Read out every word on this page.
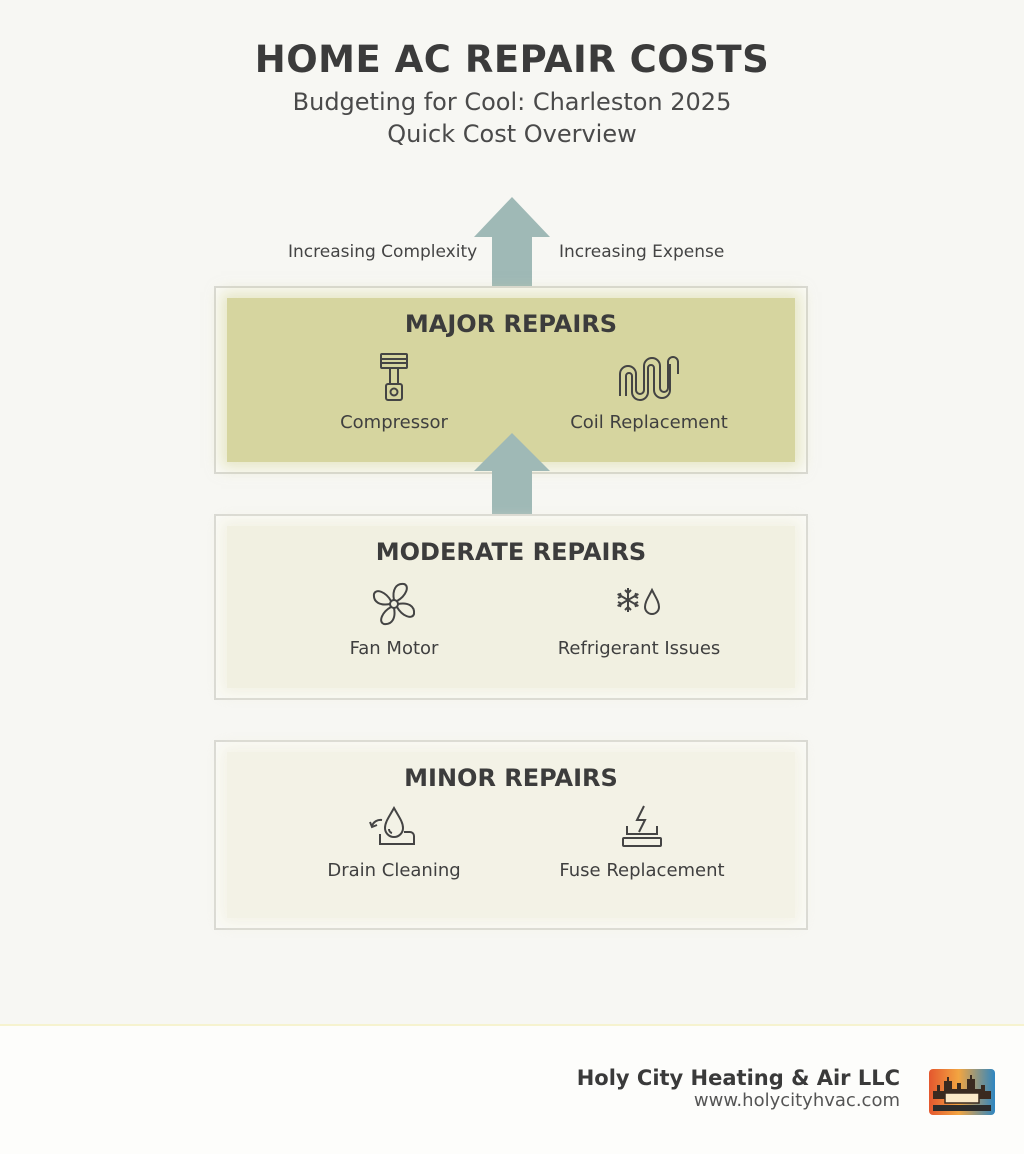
HOME AC REPAIR COSTS
Budgeting for Cool: Charleston 2025
Quick Cost Overview
Increasing Complexity	Increasing Expense
MAJOR REPAIRS
Compressor	Coil Replacement
MODERATE REPAIRS
Fan Motor	Refrigerant Issues
MINOR REPAIRS
Drain Cleaning	Fuse Replacement
Holy City Heating & Air LLC
www.holycityhvac.com
